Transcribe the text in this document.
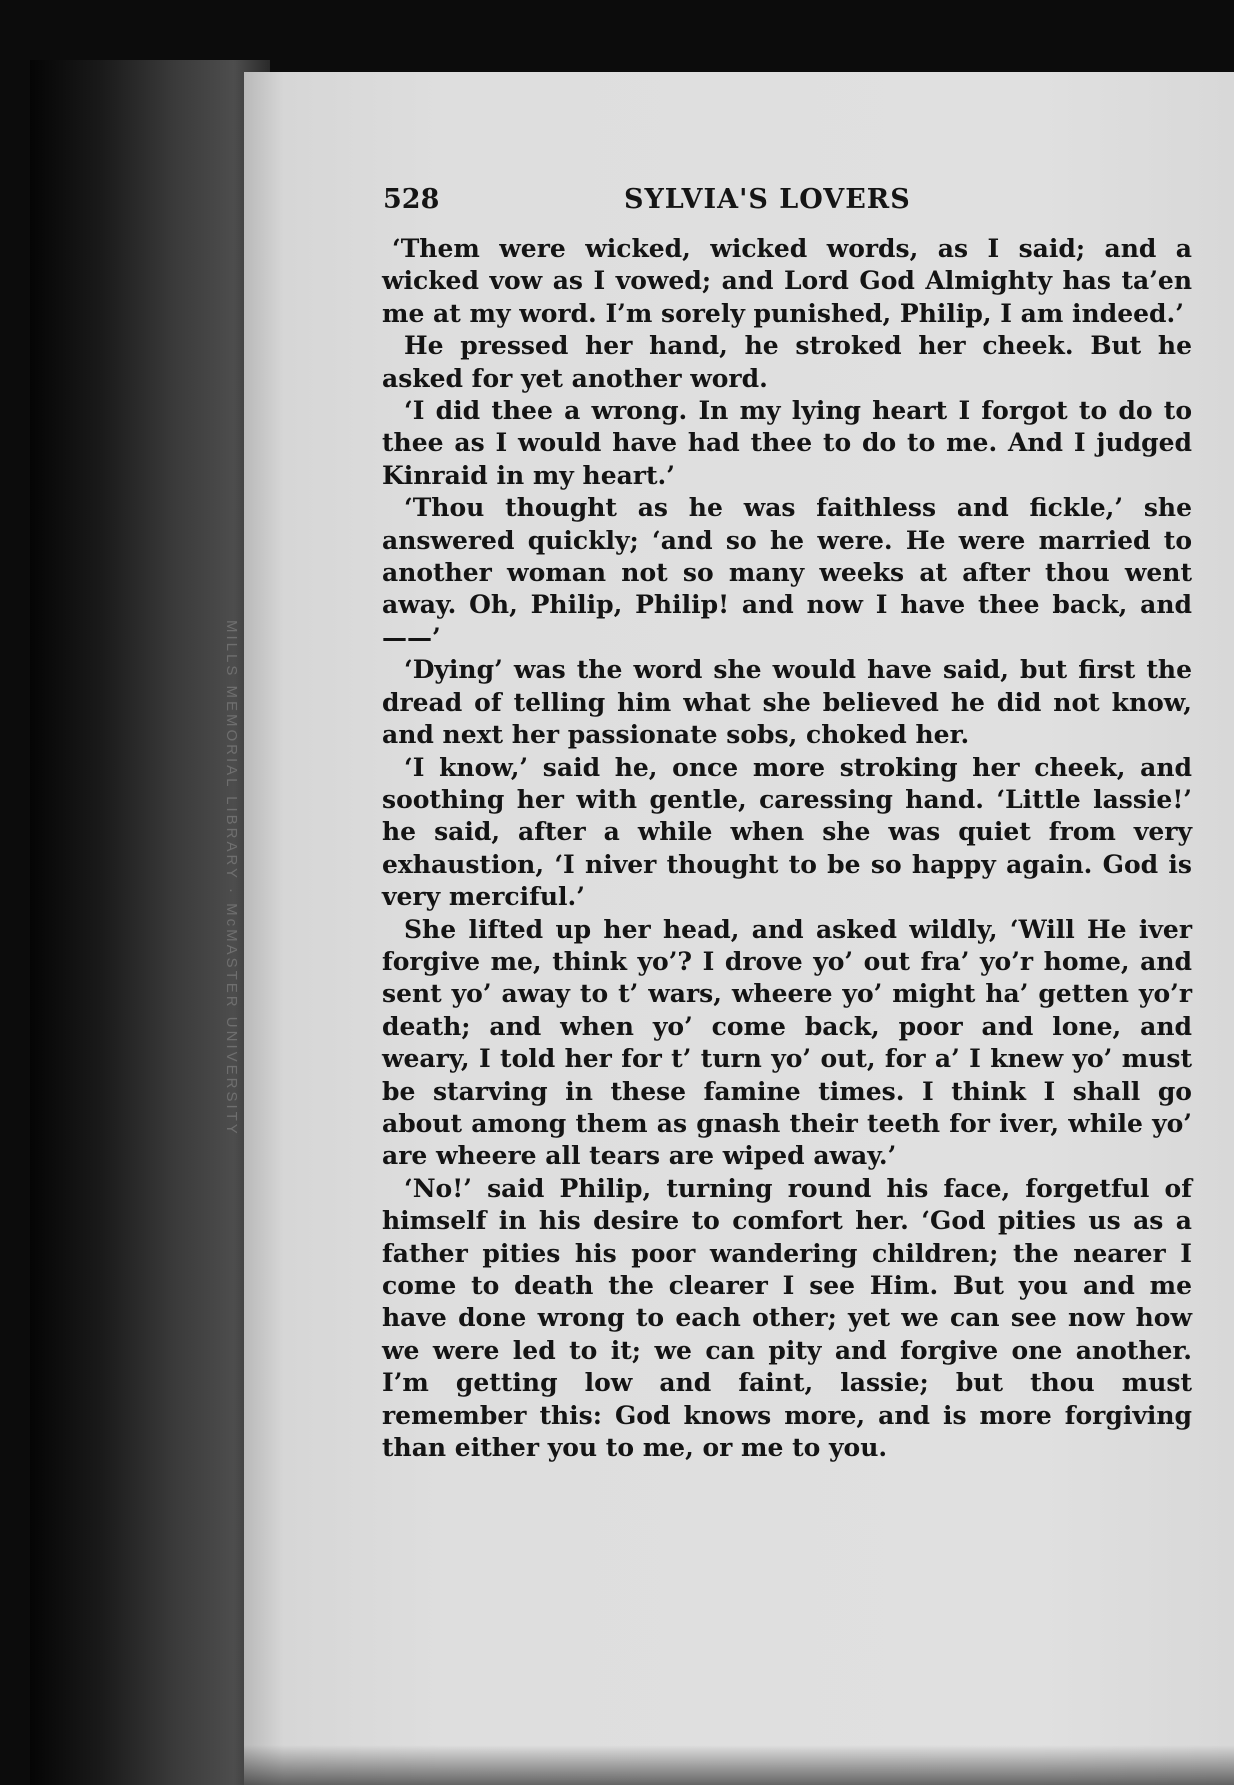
MILLS MEMORIAL LIBRARY · McMASTER UNIVERSITY
528	SYLVIA'S LOVERS

‘Them were wicked, wicked words, as I said; and a wicked vow as I vowed; and Lord God Almighty has ta’en me at my word. I’m sorely punished, Philip, I am indeed.’

He pressed her hand, he stroked her cheek. But he asked for yet another word.

‘I did thee a wrong. In my lying heart I forgot to do to thee as I would have had thee to do to me. And I judged Kinraid in my heart.’

‘Thou thought as he was faithless and fickle,’ she answered quickly; ‘and so he were. He were married to another woman not so many weeks at after thou went away. Oh, Philip, Philip! and now I have thee back, and——’

‘Dying’ was the word she would have said, but first the dread of telling him what she believed he did not know, and next her passionate sobs, choked her.

‘I know,’ said he, once more stroking her cheek, and soothing her with gentle, caressing hand. ‘Little lassie!’ he said, after a while when she was quiet from very exhaustion, ‘I niver thought to be so happy again. God is very merciful.’

She lifted up her head, and asked wildly, ‘Will He iver forgive me, think yo’? I drove yo’ out fra’ yo’r home, and sent yo’ away to t’ wars, wheere yo’ might ha’ getten yo’r death; and when yo’ come back, poor and lone, and weary, I told her for t’ turn yo’ out, for a’ I knew yo’ must be starving in these famine times. I think I shall go about among them as gnash their teeth for iver, while yo’ are wheere all tears are wiped away.’

‘No!’ said Philip, turning round his face, forgetful of himself in his desire to comfort her. ‘God pities us as a father pities his poor wandering children; the nearer I come to death the clearer I see Him. But you and me have done wrong to each other; yet we can see now how we were led to it; we can pity and forgive one another. I’m getting low and faint, lassie; but thou must remember this: God knows more, and is more forgiving than either you to me, or me to you.
